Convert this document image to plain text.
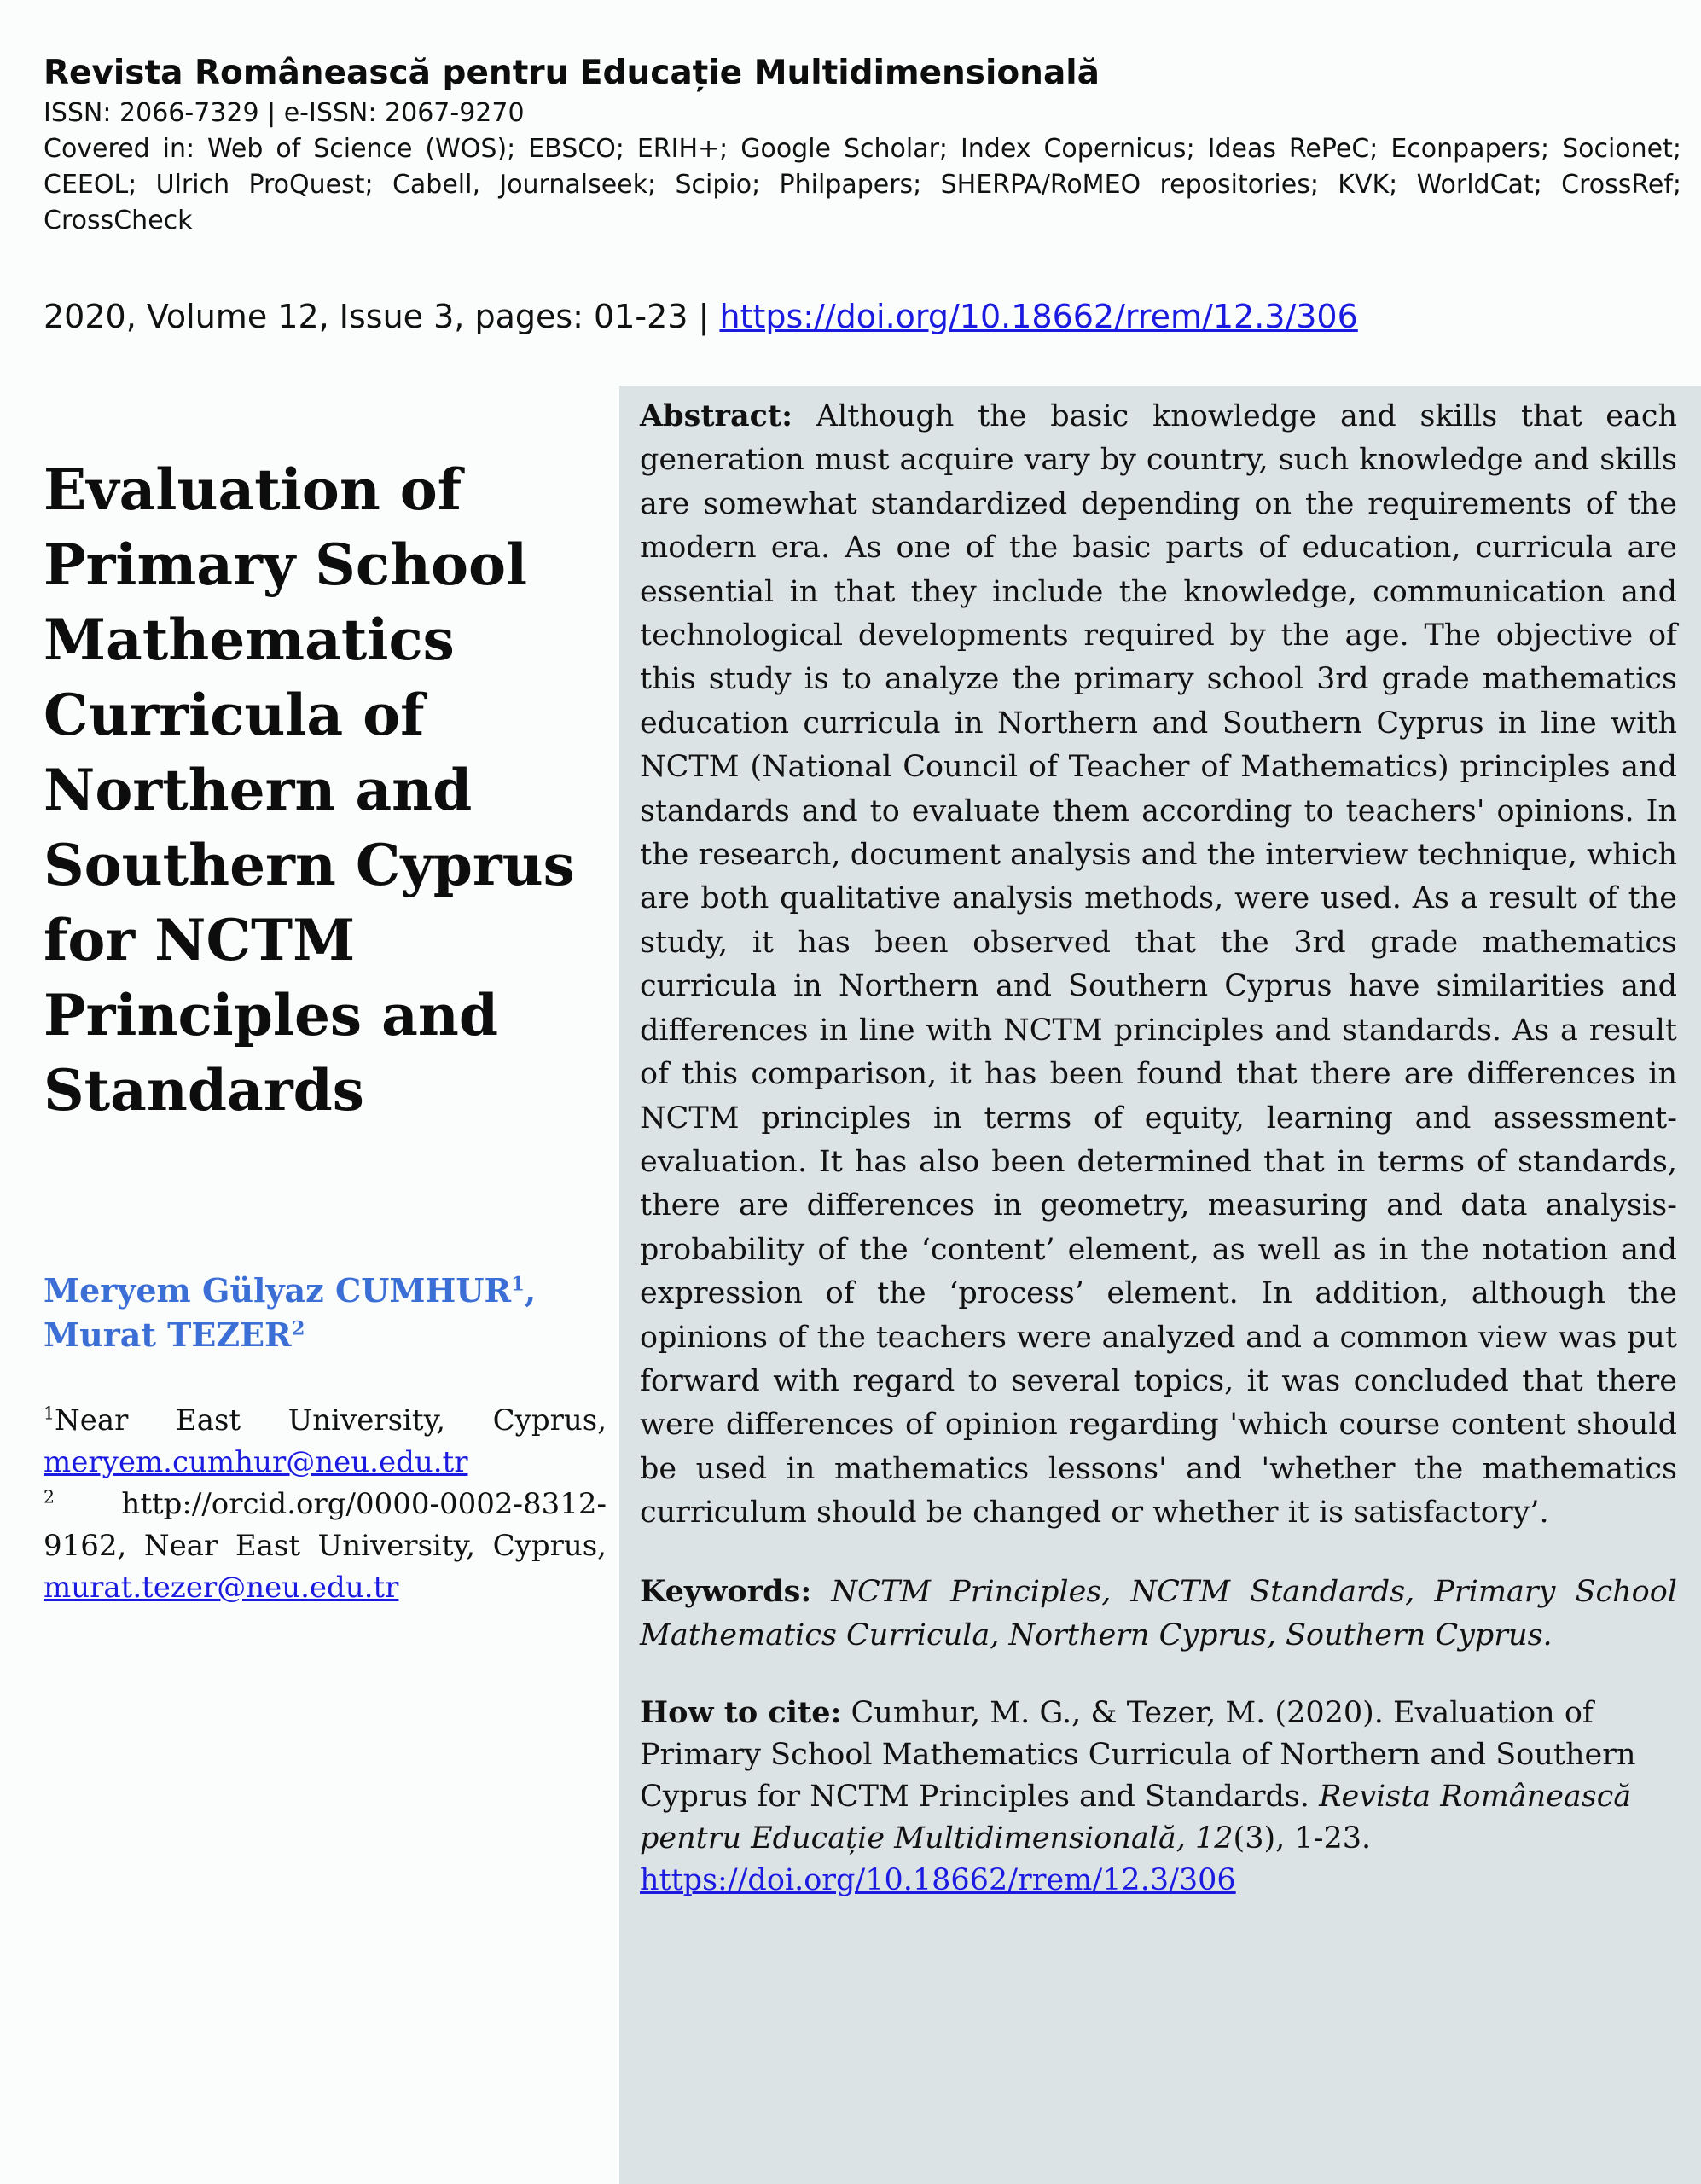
Revista Românească pentru Educație Multidimensională

ISSN: 2066-7329 | e-ISSN: 2067-9270

Covered in: Web of Science (WOS); EBSCO; ERIH+; Google Scholar; Index Copernicus; Ideas RePeC; Econpapers; Socionet; CEEOL; Ulrich ProQuest; Cabell, Journalseek; Scipio; Philpapers; SHERPA/RoMEO repositories; KVK; WorldCat; CrossRef; CrossCheck

2020, Volume 12, Issue 3, pages: 01-23 | https://doi.org/10.18662/rrem/12.3/306
Evaluation of Primary School Mathematics Curricula of Northern and Southern Cyprus for NCTM Principles and Standards
Meryem Gülyaz CUMHUR$^1$,
Murat TEZER$^2$

$^1$Near East University, Cyprus, meryem.cumhur@neu.edu.tr

$^2$ http://orcid.org/0000-0002-8312-9162, Near East University, Cyprus, murat.tezer@neu.edu.tr

Abstract: Although the basic knowledge and skills that each generation must acquire vary by country, such knowledge and skills are somewhat standardized depending on the requirements of the modern era. As one of the basic parts of education, curricula are essential in that they include the knowledge, communication and technological developments required by the age. The objective of this study is to analyze the primary school 3rd grade mathematics education curricula in Northern and Southern Cyprus in line with NCTM (National Council of Teacher of Mathematics) principles and standards and to evaluate them according to teachers' opinions. In the research, document analysis and the interview technique, which are both qualitative analysis methods, were used. As a result of the study, it has been observed that the 3rd grade mathematics curricula in Northern and Southern Cyprus have similarities and differences in line with NCTM principles and standards. As a result of this comparison, it has been found that there are differences in NCTM principles in terms of equity, learning and assessment-evaluation. It has also been determined that in terms of standards, there are differences in geometry, measuring and data analysis-probability of the ‘content’ element, as well as in the notation and expression of the ‘process’ element. In addition, although the opinions of the teachers were analyzed and a common view was put forward with regard to several topics, it was concluded that there were differences of opinion regarding 'which course content should be used in mathematics lessons' and 'whether the mathematics curriculum should be changed or whether it is satisfactory’.

Keywords: NCTM Principles, NCTM Standards, Primary School Mathematics Curricula, Northern Cyprus, Southern Cyprus.

How to cite: Cumhur, M. G., & Tezer, M. (2020). Evaluation of Primary School Mathematics Curricula of Northern and Southern Cyprus for NCTM Principles and Standards. Revista Românească pentru Educație Multidimensională, 12(3), 1-23.
https://doi.org/10.18662/rrem/12.3/306
